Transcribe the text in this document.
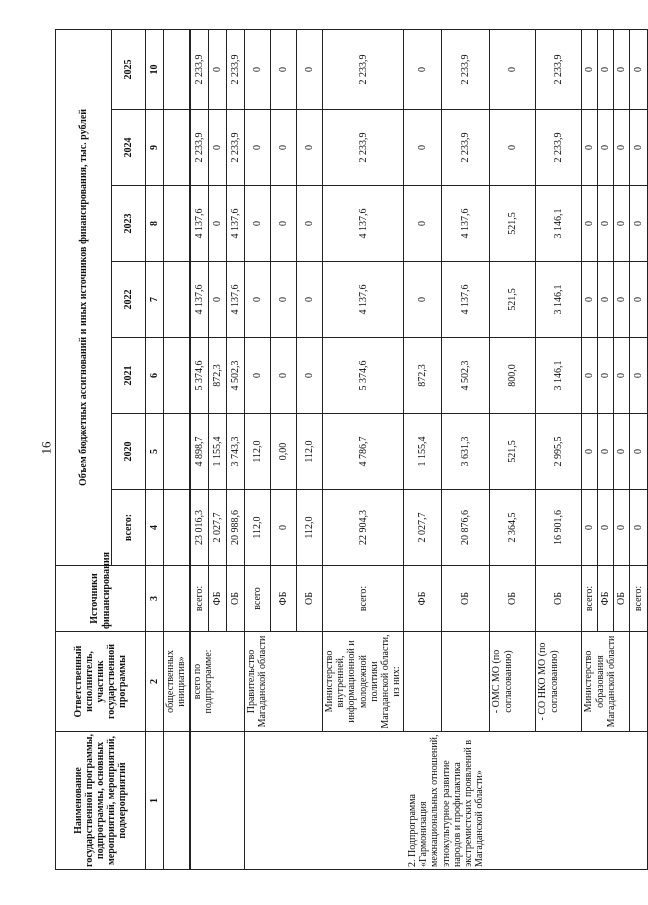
16
Наименование государственной программы, подпрограммы, основных мероприятий, мероприятий, подмероприятий	Ответственный исполнитель, участник государственной программы	Источники финансирования	Объем бюджетных ассигнований и иных источников финансирования, тыс. рублей						
			всего:	2020	2021	2022	2023	2024	2025
1	2	3	4	5	6	7	8	9	10
	общественных инициатив»								
	всего по подпрограмме:	всего:	23 016,3	4 898,7	5 374,6	4 137,6	4 137,6	2 233,9	2 233,9
		ФБ	2 027,7	1 155,4	872,3	0	0	0	0
		ОБ	20 988,6	3 743,3	4 502,3	4 137,6	4 137,6	2 233,9	2 233,9
2. Подпрограмма «Гармонизация межнациональных отношений, этнокультурное развитие народов и профилактика экстремистских проявлений в Магаданской области»	Правительство Магаданской области	всего	112,0	112,0	0	0	0	0	0
		ФБ	0	0,00	0	0	0	0	0
		ОБ	112,0	112,0	0	0	0	0	0
	Министерство внутренней, информационной и молодежной политики Магаданской области, из них:	всего:	22 904,3	4 786,7	5 374,6	4 137,6	4 137,6	2 233,9	2 233,9
		ФБ	2 027,7	1 155,4	872,3	0	0	0	0
		ОБ	20 876,6	3 631,3	4 502,3	4 137,6	4 137,6	2 233,9	2 233,9
	- ОМС МО (по согласованию)	ОБ	2 364,5	521,5	800,0	521,5	521,5	0	0
	- СО НКО МО (по согласованию)	ОБ	16 901,6	2 995,5	3 146,1	3 146,1	3 146,1	2 233,9	2 233,9
	Министерство образования Магаданской области	всего:	0	0	0	0	0	0	0
		ФБ	0	0	0	0	0	0	0
		ОБ	0	0	0	0	0	0	0
		всего:	0	0	0	0	0	0	0
